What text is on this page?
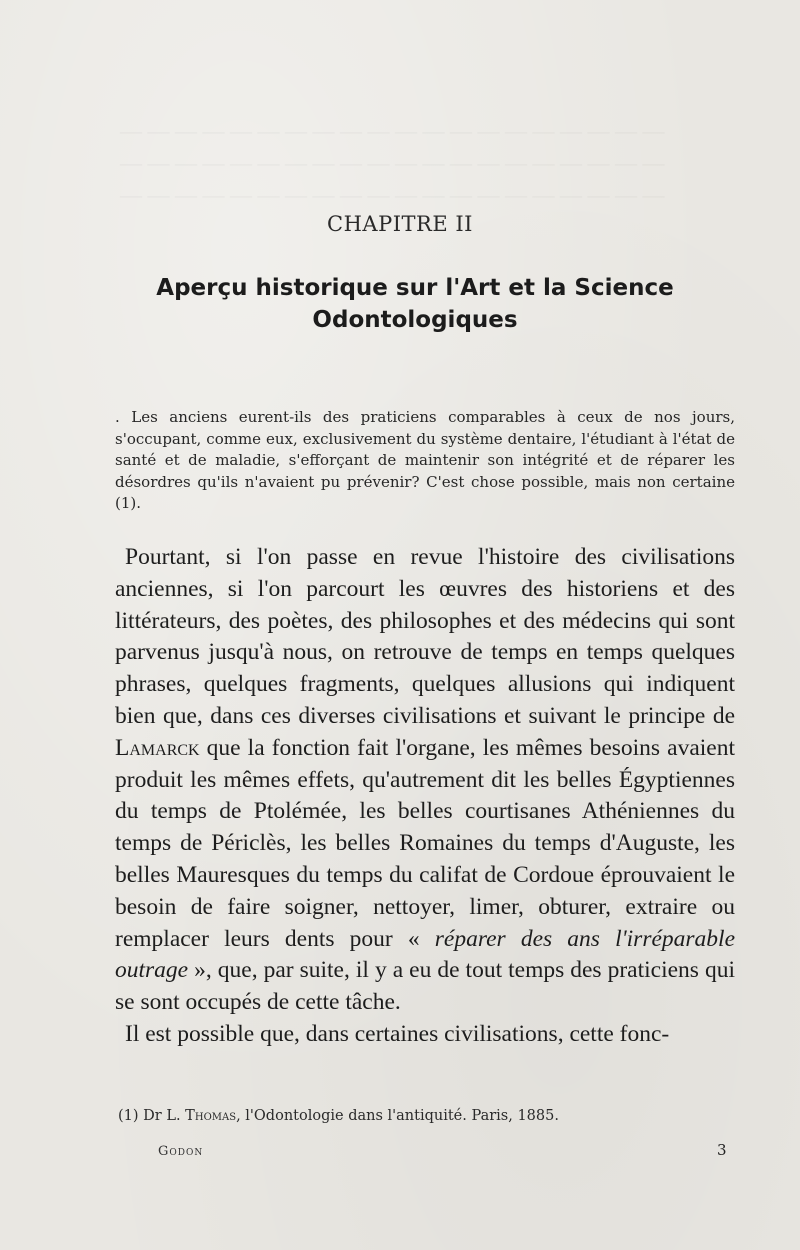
— — — — — — — — — — — — — — — — — — — —
— — — — — — — — — — — — — — — — — — — —
— — — — — — — — — — — — — — — — — — — —
CHAPITRE II
Aperçu historique sur l'Art et la Science
Odontologiques
. Les anciens eurent-ils des praticiens comparables à ceux de nos jours, s'occupant, comme eux, exclusivement du système dentaire, l'étudiant à l'état de santé et de maladie, s'efforçant de maintenir son intégrité et de réparer les désordres qu'ils n'avaient pu prévenir? C'est chose possible, mais non certaine (1).

Pourtant, si l'on passe en revue l'histoire des civilisations anciennes, si l'on parcourt les œuvres des historiens et des littérateurs, des poètes, des philosophes et des médecins qui sont parvenus jusqu'à nous, on retrouve de temps en temps quelques phrases, quelques fragments, quelques allusions qui indiquent bien que, dans ces diverses civilisations et suivant le principe de Lamarck que la fonction fait l'organe, les mêmes besoins avaient produit les mêmes effets, qu'autrement dit les belles Égyptiennes du temps de Ptolémée, les belles courtisanes Athéniennes du temps de Périclès, les belles Romaines du temps d'Auguste, les belles Mauresques du temps du califat de Cordoue éprouvaient le besoin de faire soigner, nettoyer, limer, obturer, extraire ou remplacer leurs dents pour « réparer des ans l'irréparable outrage », que, par suite, il y a eu de tout temps des praticiens qui se sont occupés de cette tâche.

Il est possible que, dans certaines civilisations, cette fonc-

(1) Dr L. Thomas, l'Odontologie dans l'antiquité. Paris, 1885.
Godon	3
